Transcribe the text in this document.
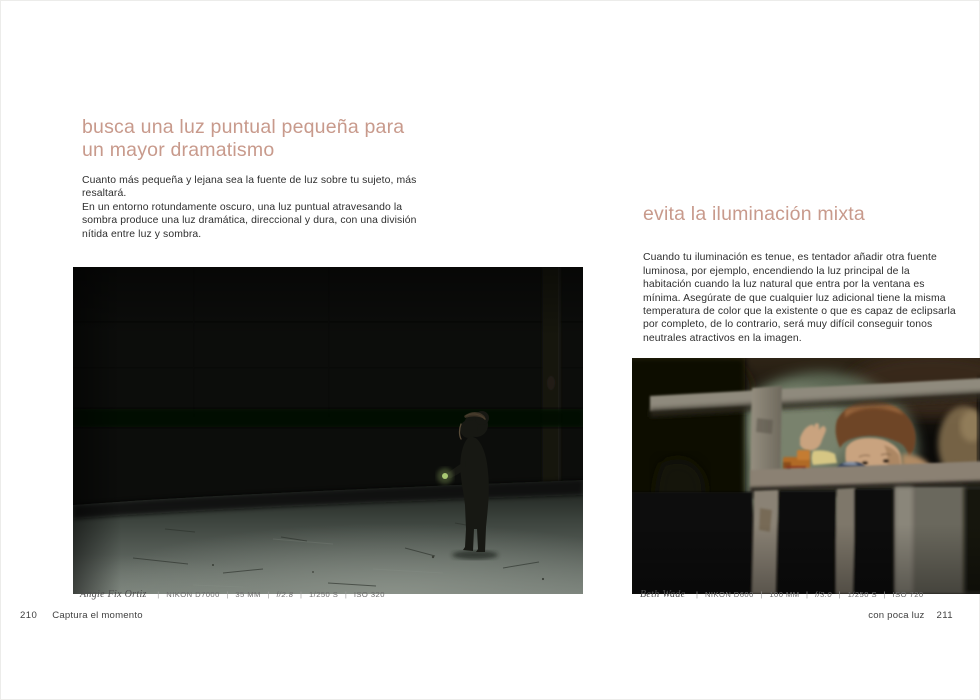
busca una luz puntual pequeña para un mayor dramatismo
Cuanto más pequeña y lejana sea la fuente de luz sobre tu sujeto, más resaltará.
En un entorno rotundamente oscuro, una luz puntual atravesando la sombra produce una luz dramática, direccional y dura, con una división nítida entre luz y sombra.
Angie Fix Ortiz | NIKON D7000 | 35 MM | f/2.8 | 1/250 S | ISO 320
210 Captura el momento
evita la iluminación mixta

Cuando tu iluminación es tenue, es tentador añadir otra fuente luminosa, por ejemplo, encendiendo la luz principal de la habitación cuando la luz natural que entra por la ventana es mínima. Asegúrate de que cualquier luz adicional tiene la misma temperatura de color que la existente o que es capaz de eclipsarla por completo, de lo contrario, será muy difícil conseguir tonos neutrales atractivos en la imagen.

Beth Wade | NIKON D600 | 100 MM | f/3.0 | 1/250 S | ISO 720
con poca luz 211
